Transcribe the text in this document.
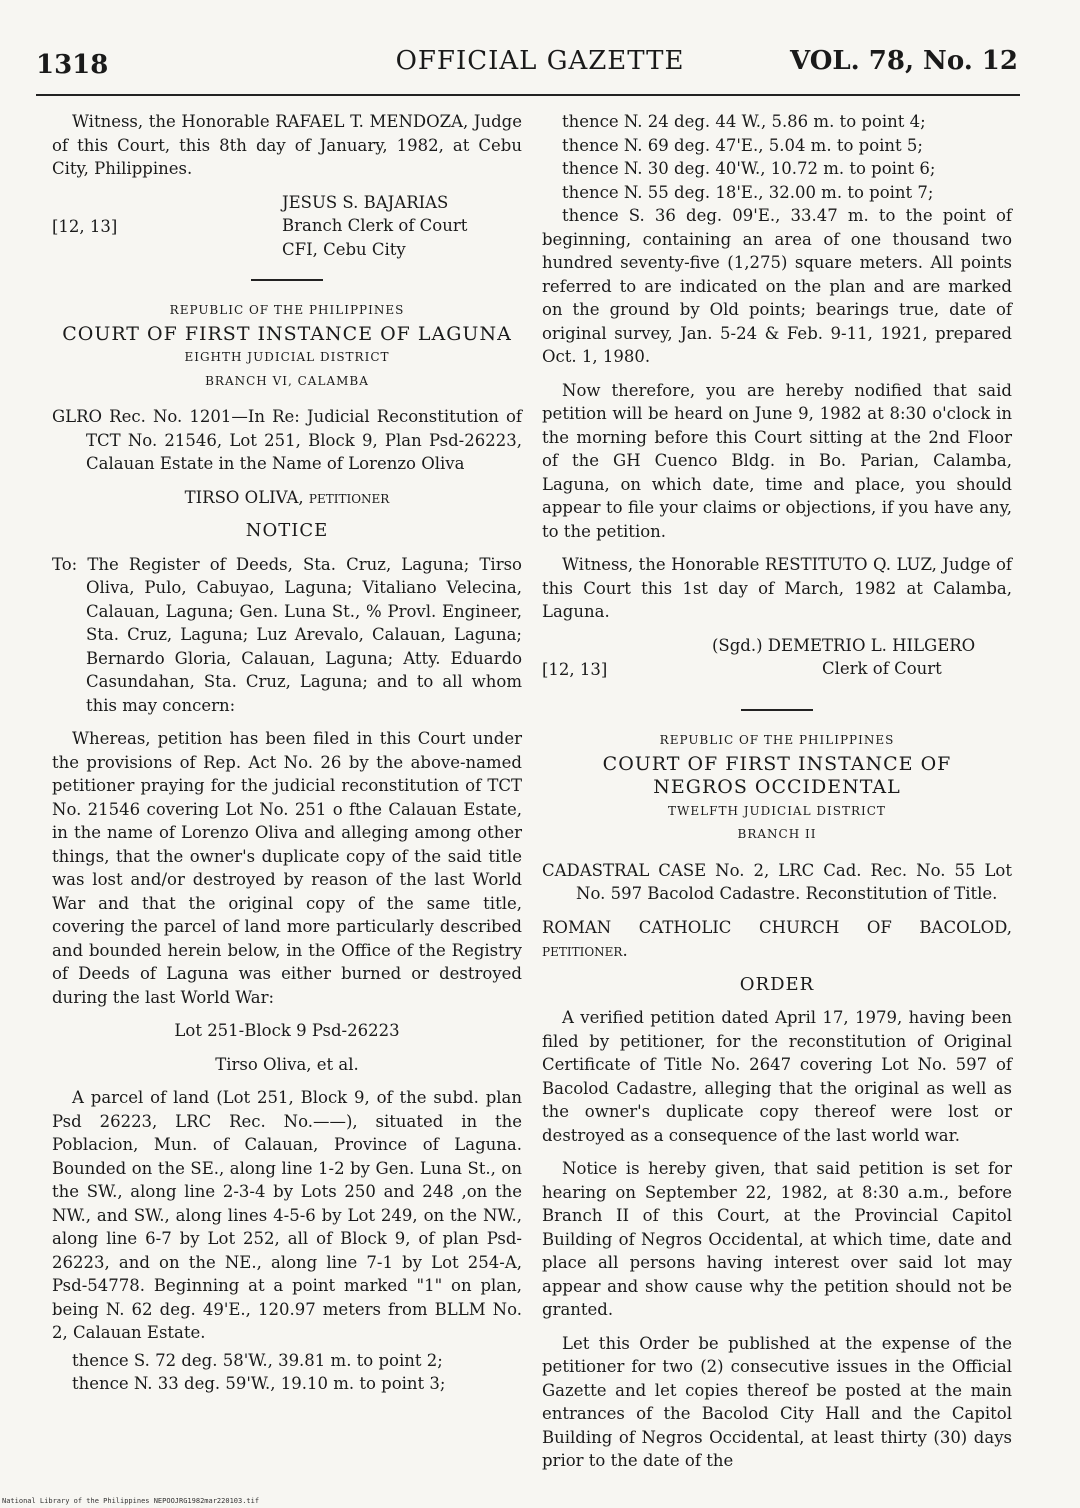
1318	OFFICIAL GAZETTE	VOL. 78, No. 12

Witness, the Honorable RAFAEL T. MENDOZA, Judge of this Court, this 8th day of January, 1982, at Cebu City, Philippines.

[12, 13]
JESUS S. BAJARIAS
Branch Clerk of Court
CFI, Cebu City
REPUBLIC OF THE PHILIPPINES
COURT OF FIRST INSTANCE OF LAGUNA
EIGHTH JUDICIAL DISTRICT
BRANCH VI, CALAMBA

GLRO Rec. No. 1201—In Re: Judicial Reconstitution of TCT No. 21546, Lot 251, Block 9, Plan Psd-26223, Calauan Estate in the Name of Lorenzo Oliva

TIRSO OLIVA, petitioner

NOTICE

To: The Register of Deeds, Sta. Cruz, Laguna; Tirso Oliva, Pulo, Cabuyao, Laguna; Vitaliano Velecina, Calauan, Laguna; Gen. Luna St., % Provl. Engineer, Sta. Cruz, Laguna; Luz Arevalo, Calauan, Laguna; Bernardo Gloria, Calauan, Laguna; Atty. Eduardo Casundahan, Sta. Cruz, Laguna; and to all whom this may concern:

Whereas, petition has been filed in this Court under the provisions of Rep. Act No. 26 by the above-named petitioner praying for the judicial reconstitution of TCT No. 21546 covering Lot No. 251 o fthe Calauan Estate, in the name of Lorenzo Oliva and alleging among other things, that the owner's duplicate copy of the said title was lost and/or destroyed by reason of the last World War and that the original copy of the same title, covering the parcel of land more particularly described and bounded herein below, in the Office of the Registry of Deeds of Laguna was either burned or destroyed during the last World War:

Lot 251-Block 9 Psd-26223

Tirso Oliva, et al.

A parcel of land (Lot 251, Block 9, of the subd. plan Psd 26223, LRC Rec. No.——), situated in the Poblacion, Mun. of Calauan, Province of Laguna. Bounded on the SE., along line 1-2 by Gen. Luna St., on the SW., along line 2-3-4 by Lots 250 and 248 ,on the NW., and SW., along lines 4-5-6 by Lot 249, on the NW., along line 6-7 by Lot 252, all of Block 9, of plan Psd-26223, and on the NE., along line 7-1 by Lot 254-A, Psd-54778. Beginning at a point marked "1" on plan, being N. 62 deg. 49'E., 120.97 meters from BLLM No. 2, Calauan Estate.

thence S. 72 deg. 58'W., 39.81 m. to point 2;
thence N. 33 deg. 59'W., 19.10 m. to point 3;
thence N. 24 deg. 44 W., 5.86 m. to point 4;
thence N. 69 deg. 47'E., 5.04 m. to point 5;
thence N. 30 deg. 40'W., 10.72 m. to point 6;
thence N. 55 deg. 18'E., 32.00 m. to point 7;

thence S. 36 deg. 09'E., 33.47 m. to the point of beginning, containing an area of one thousand two hundred seventy-five (1,275) square meters. All points referred to are indicated on the plan and are marked on the ground by Old points; bearings true, date of original survey, Jan. 5-24 & Feb. 9-11, 1921, prepared Oct. 1, 1980.

Now therefore, you are hereby nodified that said petition will be heard on June 9, 1982 at 8:30 o'clock in the morning before this Court sitting at the 2nd Floor of the GH Cuenco Bldg. in Bo. Parian, Calamba, Laguna, on which date, time and place, you should appear to file your claims or objections, if you have any, to the petition.

Witness, the Honorable RESTITUTO Q. LUZ, Judge of this Court this 1st day of March, 1982 at Calamba, Laguna.

[12, 13]
(Sgd.) DEMETRIO L. HILGERO
Clerk of Court
REPUBLIC OF THE PHILIPPINES
COURT OF FIRST INSTANCE OF
NEGROS OCCIDENTAL
TWELFTH JUDICIAL DISTRICT
BRANCH II

CADASTRAL CASE No. 2, LRC Cad. Rec. No. 55 Lot No. 597 Bacolod Cadastre. Reconstitution of Title.

ROMAN CATHOLIC CHURCH OF BACOLOD, petitioner.

ORDER

A verified petition dated April 17, 1979, having been filed by petitioner, for the reconstitution of Original Certificate of Title No. 2647 covering Lot No. 597 of Bacolod Cadastre, alleging that the original as well as the owner's duplicate copy thereof were lost or destroyed as a consequence of the last world war.

Notice is hereby given, that said petition is set for hearing on September 22, 1982, at 8:30 a.m., before Branch II of this Court, at the Provincial Capitol Building of Negros Occidental, at which time, date and place all persons having interest over said lot may appear and show cause why the petition should not be granted.

Let this Order be published at the expense of the petitioner for two (2) consecutive issues in the Official Gazette and let copies thereof be posted at the main entrances of the Bacolod City Hall and the Capitol Building of Negros Occidental, at least thirty (30) days prior to the date of the

National Library of the Philippines NEPOOJRG1982mar220103.tif
